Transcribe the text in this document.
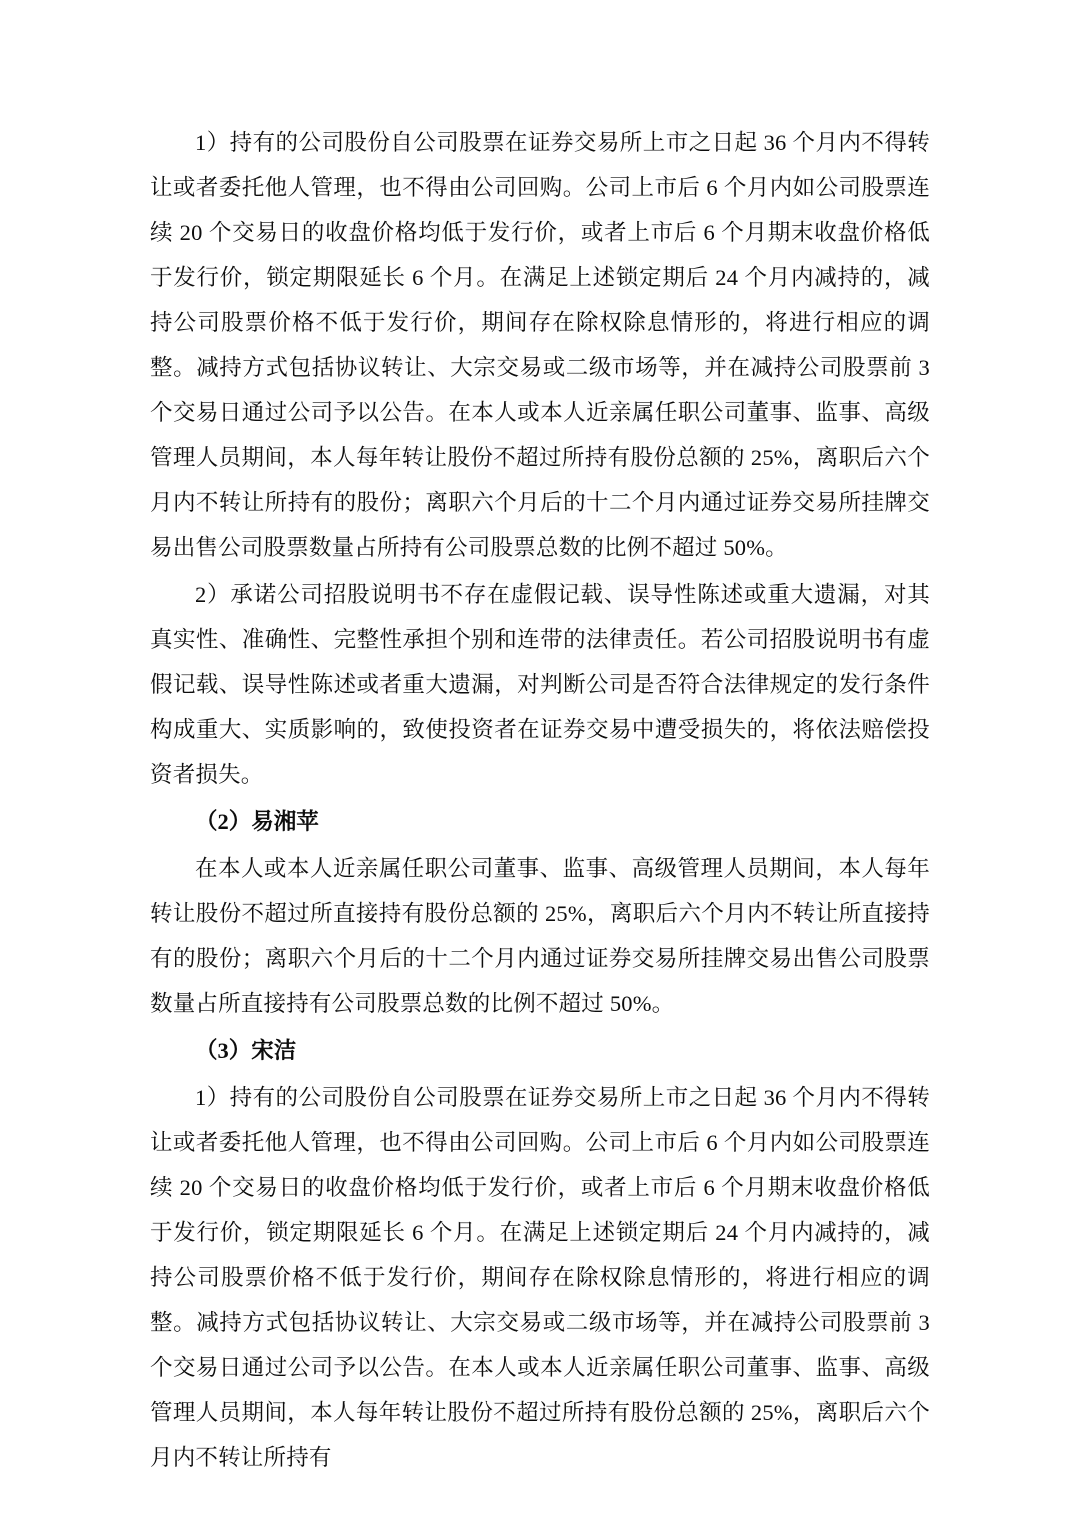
1）持有的公司股份自公司股票在证券交易所上市之日起 36 个月内不得转让或者委托他人管理，也不得由公司回购。公司上市后 6 个月内如公司股票连续 20 个交易日的收盘价格均低于发行价，或者上市后 6 个月期末收盘价格低于发行价，锁定期限延长 6 个月。在满足上述锁定期后 24 个月内减持的，减持公司股票价格不低于发行价，期间存在除权除息情形的，将进行相应的调整。减持方式包括协议转让、大宗交易或二级市场等，并在减持公司股票前 3 个交易日通过公司予以公告。在本人或本人近亲属任职公司董事、监事、高级管理人员期间，本人每年转让股份不超过所持有股份总额的 25%，离职后六个月内不转让所持有的股份；离职六个月后的十二个月内通过证券交易所挂牌交易出售公司股票数量占所持有公司股票总数的比例不超过 50%。

2）承诺公司招股说明书不存在虚假记载、误导性陈述或重大遗漏，对其真实性、准确性、完整性承担个别和连带的法律责任。若公司招股说明书有虚假记载、误导性陈述或者重大遗漏，对判断公司是否符合法律规定的发行条件构成重大、实质影响的，致使投资者在证券交易中遭受损失的，将依法赔偿投资者损失。

（2）易湘苹

在本人或本人近亲属任职公司董事、监事、高级管理人员期间，本人每年转让股份不超过所直接持有股份总额的 25%，离职后六个月内不转让所直接持有的股份；离职六个月后的十二个月内通过证券交易所挂牌交易出售公司股票数量占所直接持有公司股票总数的比例不超过 50%。

（3）宋洁

1）持有的公司股份自公司股票在证券交易所上市之日起 36 个月内不得转让或者委托他人管理，也不得由公司回购。公司上市后 6 个月内如公司股票连续 20 个交易日的收盘价格均低于发行价，或者上市后 6 个月期末收盘价格低于发行价，锁定期限延长 6 个月。在满足上述锁定期后 24 个月内减持的，减持公司股票价格不低于发行价，期间存在除权除息情形的，将进行相应的调整。减持方式包括协议转让、大宗交易或二级市场等，并在减持公司股票前 3 个交易日通过公司予以公告。在本人或本人近亲属任职公司董事、监事、高级管理人员期间，本人每年转让股份不超过所持有股份总额的 25%，离职后六个月内不转让所持有
